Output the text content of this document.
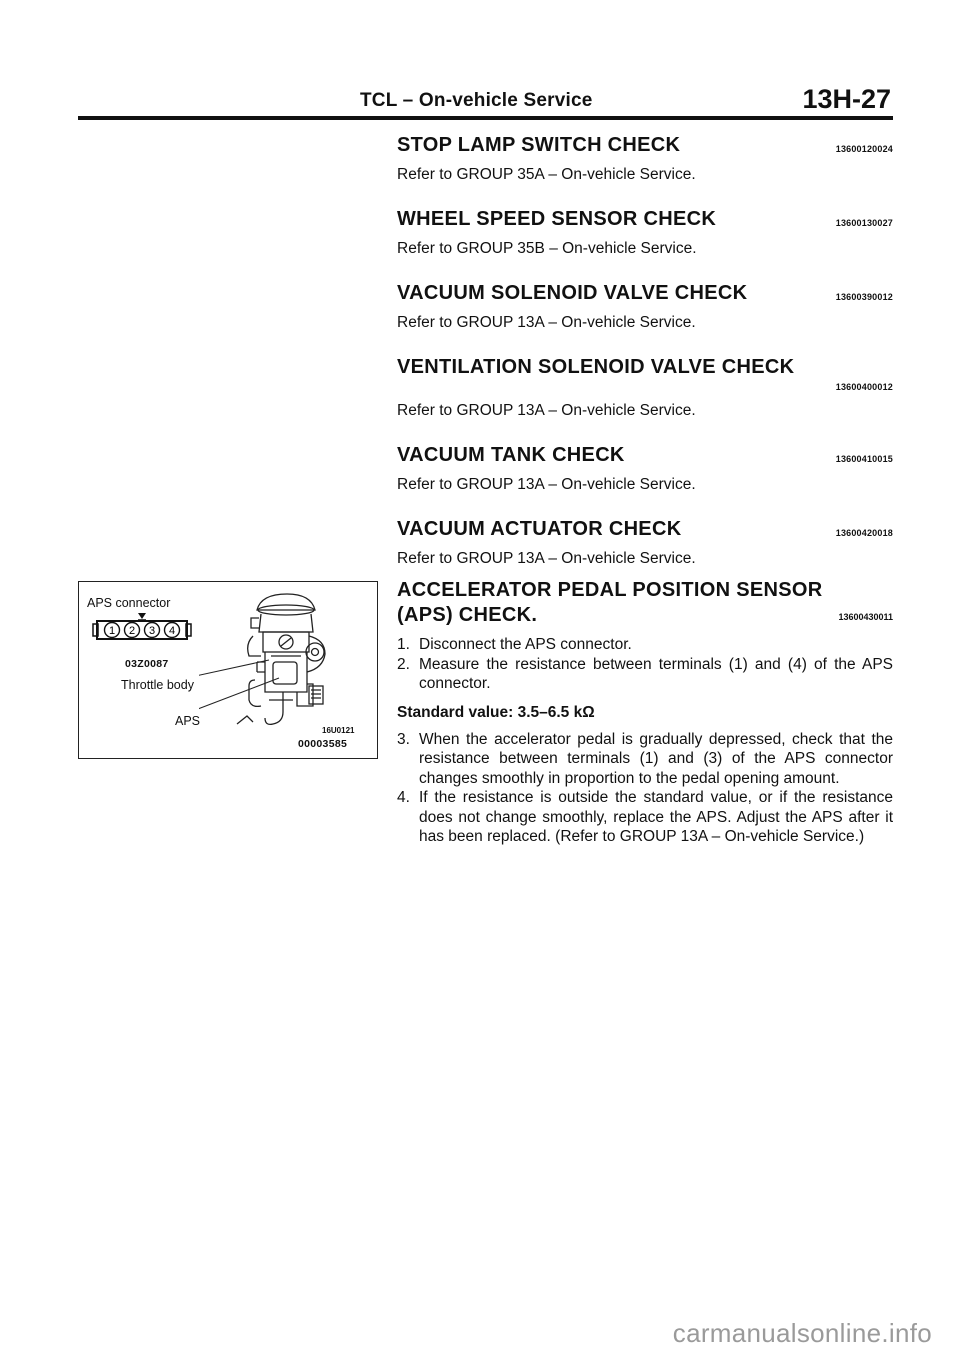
TCL – On-vehicle Service	13H-27
STOP LAMP SWITCH CHECK	13600120024
Refer to GROUP 35A – On-vehicle Service.
WHEEL SPEED SENSOR CHECK	13600130027
Refer to GROUP 35B – On-vehicle Service.
VACUUM SOLENOID VALVE CHECK	13600390012
Refer to GROUP 13A – On-vehicle Service.
VENTILATION SOLENOID VALVE CHECK
13600400012
Refer to GROUP 13A – On-vehicle Service.
VACUUM TANK CHECK	13600410015
Refer to GROUP 13A – On-vehicle Service.
VACUUM ACTUATOR CHECK	13600420018
Refer to GROUP 13A – On-vehicle Service.
ACCELERATOR PEDAL POSITION SENSOR
(APS) CHECK.	13600430011
1. Disconnect the APS connector.
2. Measure the resistance between terminals (1) and (4) of the APS connector.
Standard value: 3.5–6.5 kΩ
3. When the accelerator pedal is gradually depressed, check that the resistance between terminals (1) and (3) of the APS connector changes smoothly in proportion to the pedal opening amount.
4. If the resistance is outside the standard value, or if the resistance does not change smoothly, replace the APS. Adjust the APS after it has been replaced. (Refer to GROUP 13A – On-vehicle Service.)
APS connector
1 2 3 4
03Z0087
Throttle body
APS
16U0121
00003585
carmanualsonline.info
